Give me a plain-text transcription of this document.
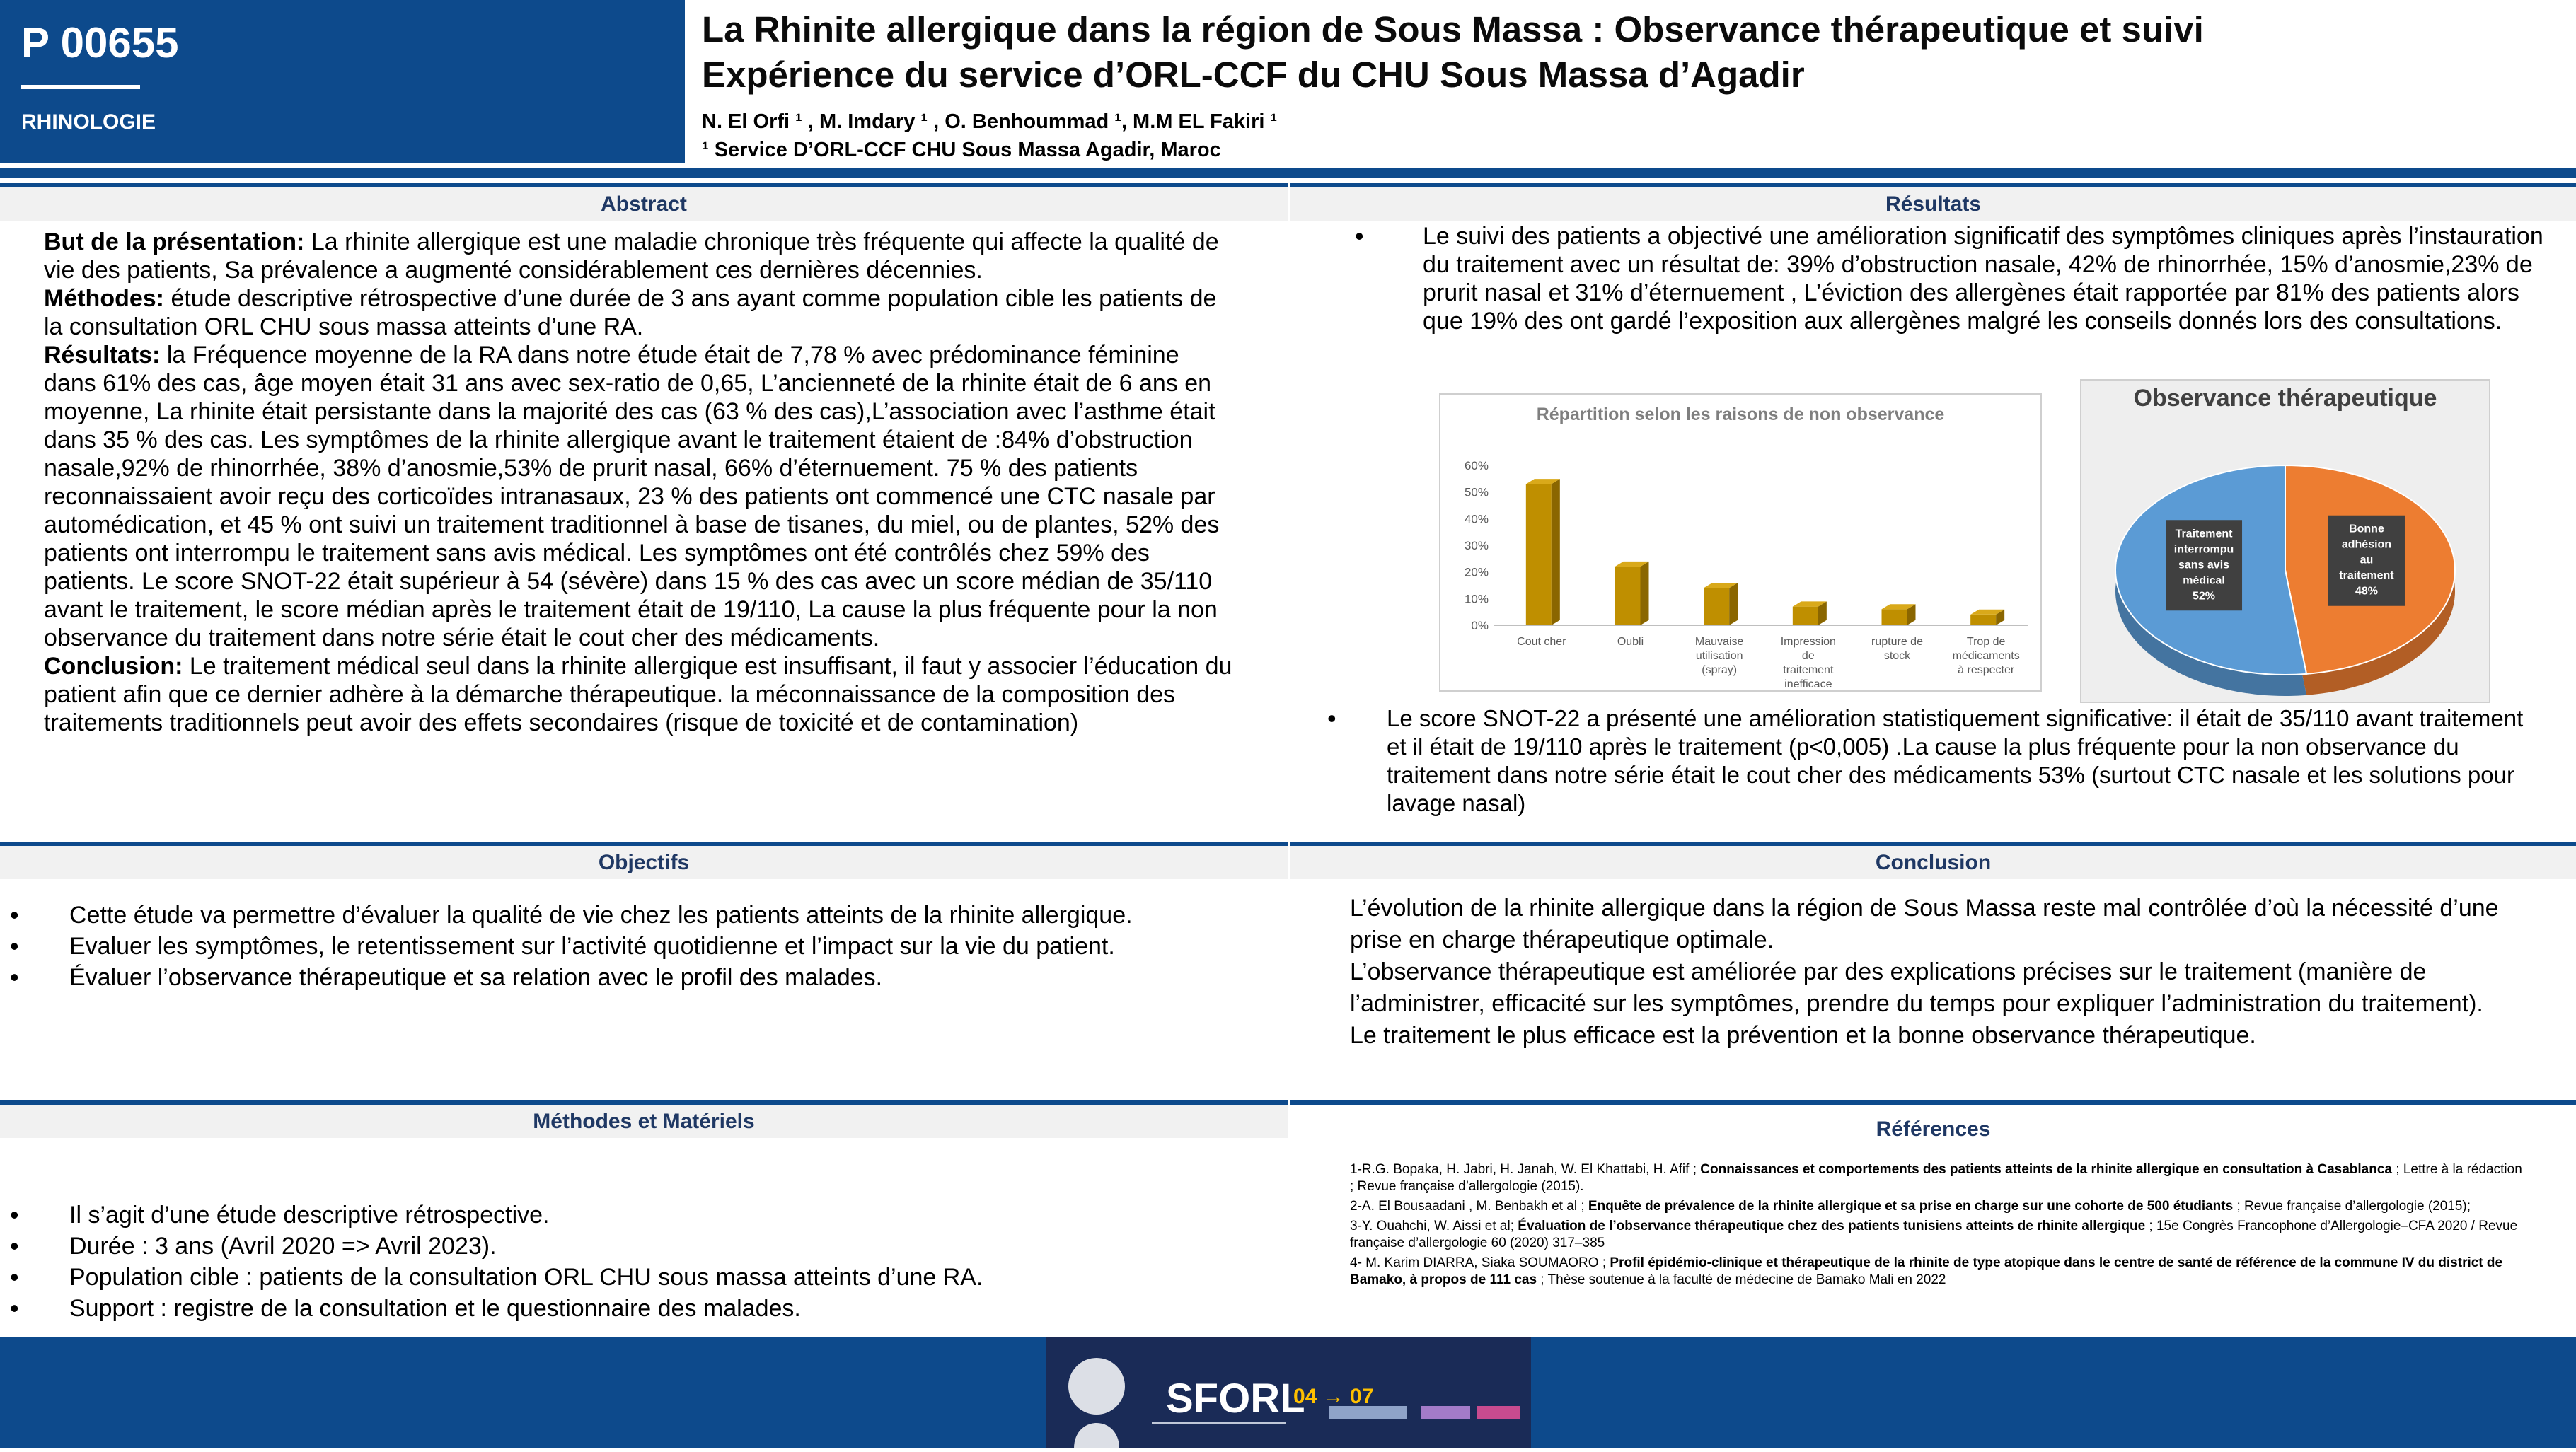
P 00655
RHINOLOGIE
La Rhinite allergique dans la région de Sous Massa : Observance thérapeutique et suivi
Expérience du service d’ORL-CCF du CHU Sous Massa d’Agadir
N. El Orfi ¹ , M. Imdary ¹ , O. Benhoummad ¹, M.M EL Fakiri ¹
¹ Service D’ORL-CCF CHU Sous Massa Agadir, Maroc
Abstract

But de la présentation: La rhinite allergique est une maladie chronique très fréquente qui affecte la qualité de vie des patients, Sa prévalence a augmenté considérablement ces dernières décennies.

Méthodes: étude descriptive rétrospective d’une durée de 3 ans ayant comme population cible les patients de la consultation ORL CHU sous massa atteints d’une RA.

Résultats: la Fréquence moyenne de la RA dans notre étude était de 7,78 % avec prédominance féminine dans 61% des cas, âge moyen était 31 ans avec sex-ratio de 0,65, L’ancienneté de la rhinite était de 6 ans en moyenne, La rhinite était persistante dans la majorité des cas (63 % des cas),L’association avec l’asthme était dans 35 % des cas. Les symptômes de la rhinite allergique avant le traitement étaient de :84% d’obstruction nasale,92% de rhinorrhée, 38% d’anosmie,53% de prurit nasal, 66% d’éternuement. 75 % des patients reconnaissaient avoir reçu des corticoïdes intranasaux, 23 % des patients ont commencé une CTC nasale par automédication, et 45 % ont suivi un traitement traditionnel à base de tisanes, du miel, ou de plantes, 52% des patients ont interrompu le traitement sans avis médical. Les symptômes ont été contrôlés chez 59% des patients. Le score SNOT-22 était supérieur à 54 (sévère) dans 15 % des cas avec un score médian de 35/110 avant le traitement, le score médian après le traitement était de 19/110, La cause la plus fréquente pour la non observance du traitement dans notre série était le cout cher des médicaments.

Conclusion: Le traitement médical seul dans la rhinite allergique est insuffisant, il faut y associer l’éducation du patient afin que ce dernier adhère à la démarche thérapeutique. la méconnaissance de la composition des traitements traditionnels peut avoir des effets secondaires (risque de toxicité et de contamination)

Résultats
• Le suivi des patients a objectivé une amélioration significatif des symptômes cliniques après l’instauration du traitement avec un résultat de: 39% d’obstruction nasale, 42% de rhinorrhée, 15% d’anosmie,23% de prurit nasal et 31% d’éternuement , L’éviction des allergènes était rapportée par 81% des patients alors que 19% des ont gardé l’exposition aux allergènes malgré les conseils donnés lors des consultations.
Répartition selon les raisons de non observance
0%
10%
20%
30%
40%
50%
60%
Cout cher	Oubli	Mauvaise utilisation (spray)
Impression de traitement inefficace
rupture de stock
Trop de médicaments à respecter
Observance thérapeutique
Bonne adhésion au traitement 48%
Traitement interrompu sans avis médical 52%
• Le score SNOT-22 a présenté une amélioration statistiquement significative: il était de 35/110 avant traitement et il était de 19/110 après le traitement (p<0,005) .La cause la plus fréquente pour la non observance du traitement dans notre série était le cout cher des médicaments 53% (surtout CTC nasale et les solutions pour lavage nasal)
Objectifs
• Cette étude va permettre d’évaluer la qualité de vie chez les patients atteints de la rhinite allergique.
• Evaluer les symptômes, le retentissement sur l’activité quotidienne et l’impact sur la vie du patient.
• Évaluer l’observance thérapeutique et sa relation avec le profil des malades.
Conclusion

L’évolution de la rhinite allergique dans la région de Sous Massa reste mal contrôlée d’où la nécessité d’une prise en charge thérapeutique optimale.

L’observance thérapeutique est améliorée par des explications précises sur le traitement (manière de l’administrer, efficacité sur les symptômes, prendre du temps pour expliquer l’administration du traitement).

Le traitement le plus efficace est la prévention et la bonne observance thérapeutique.

Méthodes et Matériels
• Il s’agit d’une étude descriptive rétrospective.
• Durée : 3 ans (Avril 2020 => Avril 2023).
• Population cible : patients de la consultation ORL CHU sous massa atteints d’une RA.
• Support : registre de la consultation et le questionnaire des malades.
Références

1-R.G. Bopaka, H. Jabri, H. Janah, W. El Khattabi, H. Afif ; Connaissances et comportements des patients atteints de la rhinite allergique en consultation à Casablanca ; Lettre à la rédaction ; Revue française d’allergologie (2015).

2-A. El Bousaadani , M. Benbakh et al ; Enquête de prévalence de la rhinite allergique et sa prise en charge sur une cohorte de 500 étudiants ; Revue française d’allergologie (2015);

3-Y. Ouahchi, W. Aissi et al; Évaluation de l’observance thérapeutique chez des patients tunisiens atteints de rhinite allergique ; 15e Congrès Francophone d’Allergologie–CFA 2020 / Revue française d’allergologie 60 (2020) 317–385

4- M. Karim DIARRA, Siaka SOUMAORO ; Profil épidémio-clinique et thérapeutique de la rhinite de type atopique dans le centre de santé de référence de la commune IV du district de Bamako, à propos de 111 cas ; Thèse soutenue à la faculté de médecine de Bamako Mali en 2022

SFORL
04 → 07
